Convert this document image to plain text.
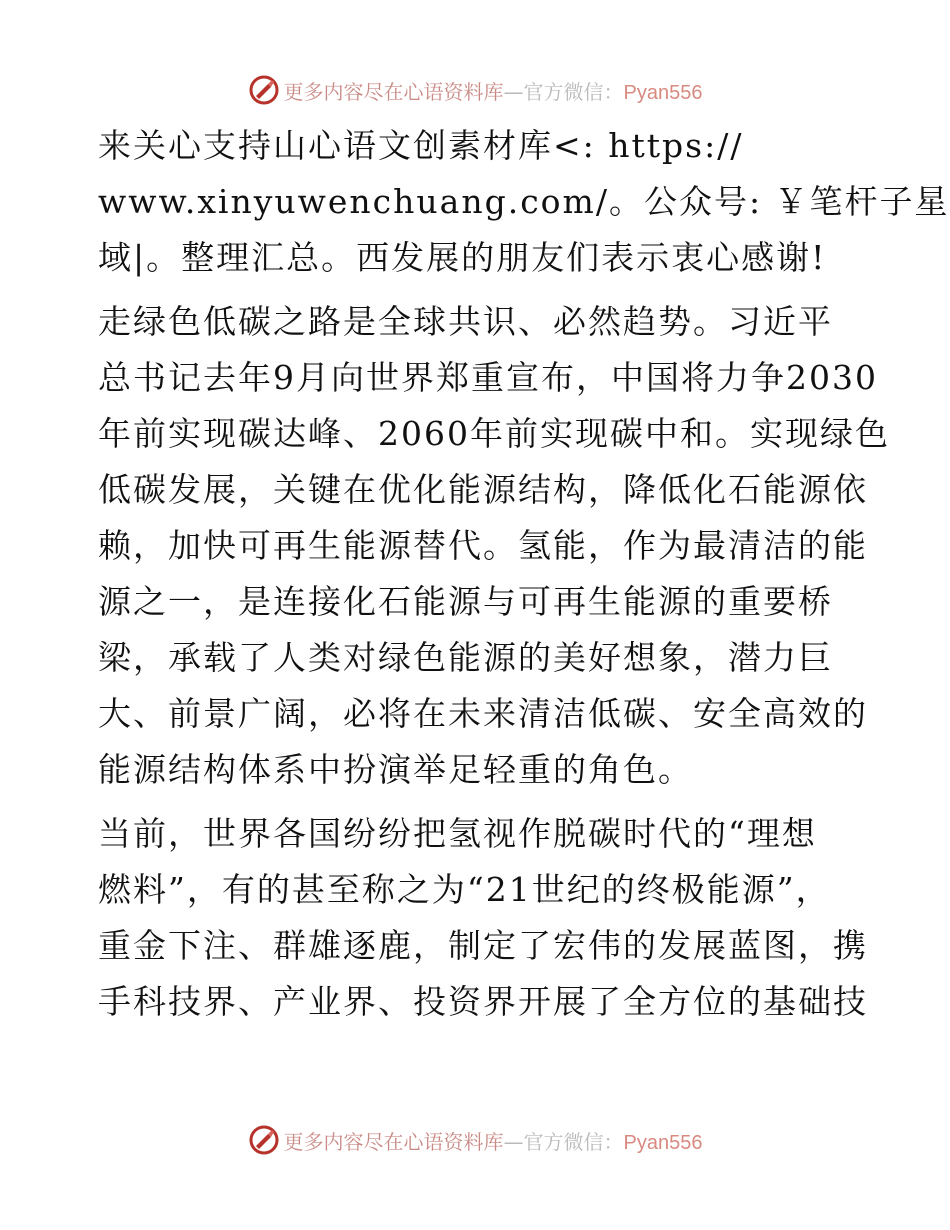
更多内容尽在心语资料库—官方微信：Pyan556
来关心支持山心语文创素材库<: https://
www.xinyuwenchuang.com/。公众号: ￥笔杆子星
域|。整理汇总。西发展的朋友们表示衷心感谢!
走绿色低碳之路是全球共识、必然趋势。习近平
总书记去年9月向世界郑重宣布，中国将力争2030
年前实现碳达峰、2060年前实现碳中和。实现绿色
低碳发展，关键在优化能源结构，降低化石能源依
赖，加快可再生能源替代。氢能，作为最清洁的能
源之一，是连接化石能源与可再生能源的重要桥
梁，承载了人类对绿色能源的美好想象，潜力巨
大、前景广阔，必将在未来清洁低碳、安全高效的
能源结构体系中扮演举足轻重的角色。
当前，世界各国纷纷把氢视作脱碳时代的“理想
燃料”，有的甚至称之为“21世纪的终极能源”，
重金下注、群雄逐鹿，制定了宏伟的发展蓝图，携
手科技界、产业界、投资界开展了全方位的基础技
更多内容尽在心语资料库—官方微信：Pyan556
